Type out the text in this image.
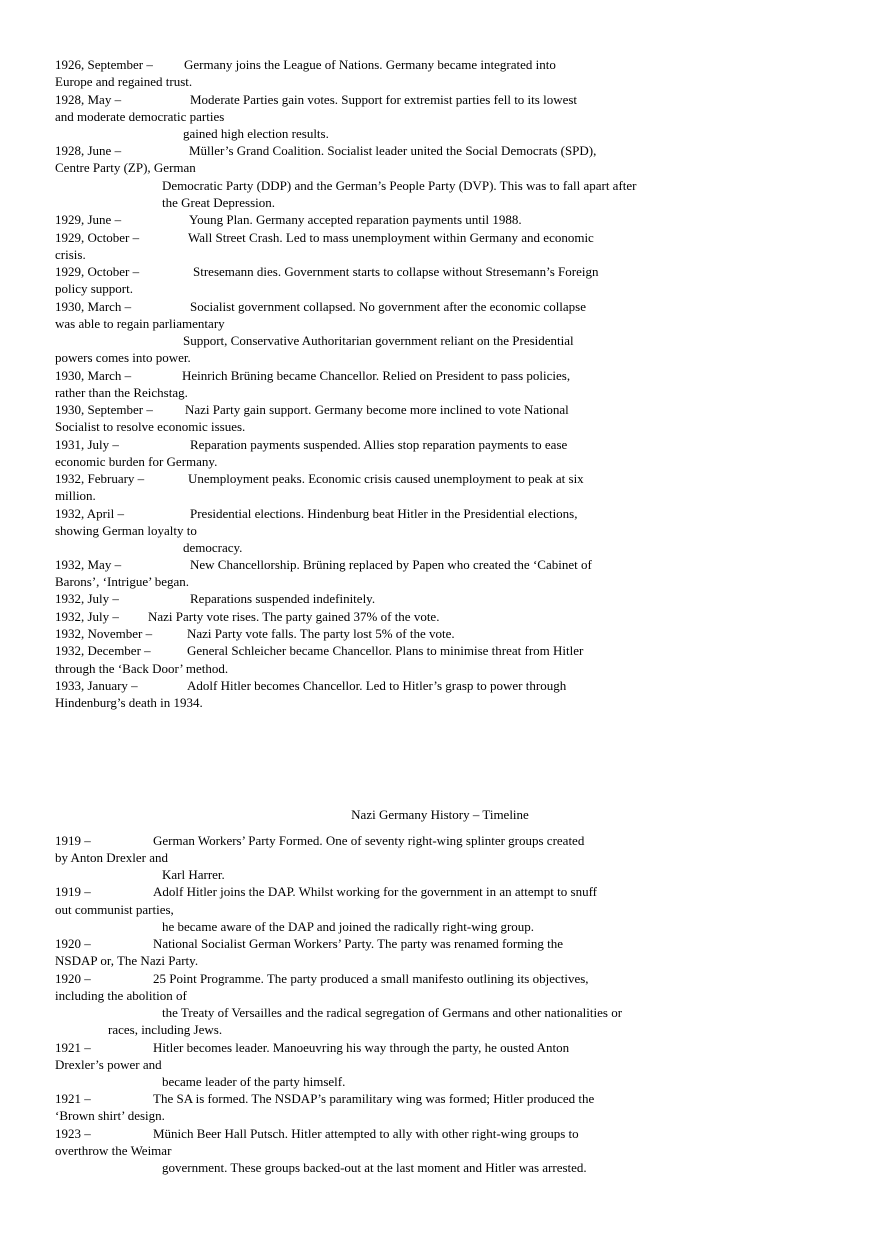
1926, September – Germany joins the League of Nations. Germany became integrated into
Europe and regained trust.
1928, May –	Moderate Parties gain votes. Support for extremist parties fell to its lowest
and moderate democratic parties
gained high election results.
1928, June –	Müller’s Grand Coalition. Socialist leader united the Social Democrats (SPD),
Centre Party (ZP), German
Democratic Party (DDP) and the German’s People Party (DVP). This was to fall apart after
the Great Depression.
1929, June –	Young Plan. Germany accepted reparation payments until 1988.
1929, October –	Wall Street Crash. Led to mass unemployment within Germany and economic
crisis.
1929, October –	Stresemann dies. Government starts to collapse without Stresemann’s Foreign
policy support.
1930, March –	Socialist government collapsed. No government after the economic collapse
was able to regain parliamentary
Support, Conservative Authoritarian government reliant on the Presidential
powers comes into power.
1930, March –	Heinrich Brüning became Chancellor. Relied on President to pass policies,
rather than the Reichstag.
1930, September – Nazi Party gain support. Germany become more inclined to vote National
Socialist to resolve economic issues.
1931, July –	Reparation payments suspended. Allies stop reparation payments to ease
economic burden for Germany.
1932, February –	Unemployment peaks. Economic crisis caused unemployment to peak at six
million.
1932, April –	Presidential elections. Hindenburg beat Hitler in the Presidential elections,
showing German loyalty to
democracy.
1932, May –	New Chancellorship. Brüning replaced by Papen who created the ‘Cabinet of
Barons’, ‘Intrigue’ began.
1932, July –	Reparations suspended indefinitely.
1932, July – Nazi Party vote rises. The party gained 37% of the vote.
1932, November –	Nazi Party vote falls. The party lost 5% of the vote.
1932, December –	General Schleicher became Chancellor. Plans to minimise threat from Hitler
through the ‘Back Door’ method.
1933, January –	Adolf Hitler becomes Chancellor. Led to Hitler’s grasp to power through
Hindenburg’s death in 1934.
Nazi Germany History – Timeline
1919 –	German Workers’ Party Formed. One of seventy right-wing splinter groups created
by Anton Drexler and
Karl Harrer.
1919 –	Adolf Hitler joins the DAP. Whilst working for the government in an attempt to snuff
out communist parties,
he became aware of the DAP and joined the radically right-wing group.
1920 –	National Socialist German Workers’ Party. The party was renamed forming the
NSDAP or, The Nazi Party.
1920 –	25 Point Programme. The party produced a small manifesto outlining its objectives,
including the abolition of
the Treaty of Versailles and the radical segregation of Germans and other nationalities or
races, including Jews.
1921 –	Hitler becomes leader. Manoeuvring his way through the party, he ousted Anton
Drexler’s power and
became leader of the party himself.
1921 –	The SA is formed. The NSDAP’s paramilitary wing was formed; Hitler produced the
‘Brown shirt’ design.
1923 –	Münich Beer Hall Putsch. Hitler attempted to ally with other right-wing groups to
overthrow the Weimar
government. These groups backed-out at the last moment and Hitler was arrested.
